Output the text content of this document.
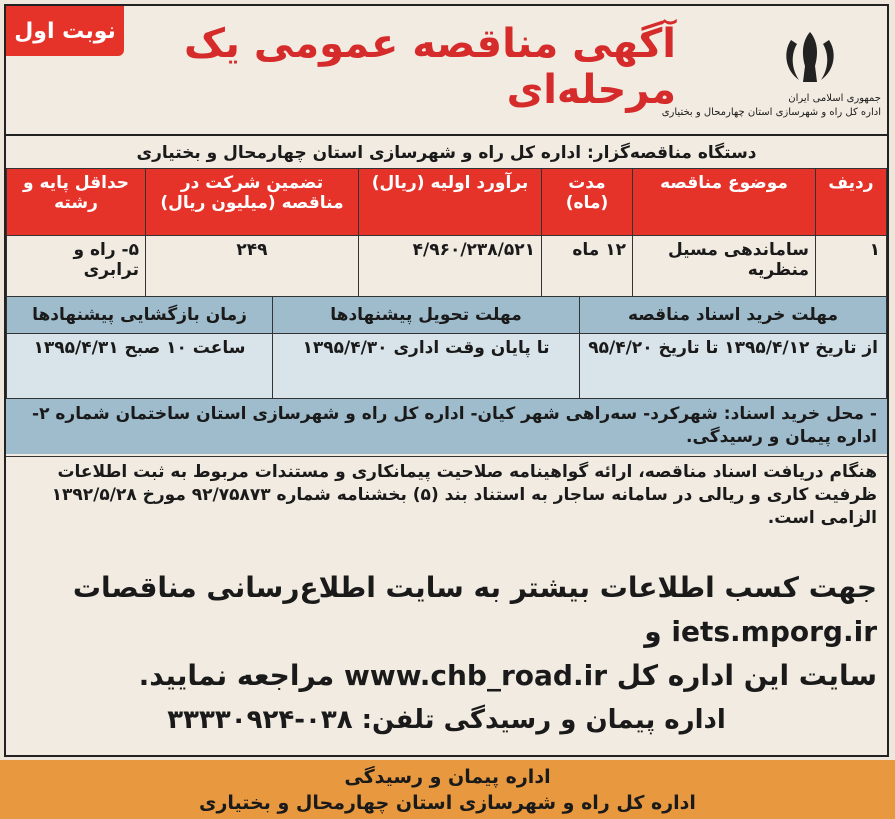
نوبت اول	آگهی مناقصه عمومی یک مرحله‌ای	جمهوری اسلامی ایران
اداره کل راه و شهرسازی استان چهارمحال و بختیاری
دستگاه مناقصه‌گزار: اداره کل راه و شهرسازی استان چهارمحال و بختیاری
ردیف	موضوع مناقصه	مدت (ماه)	برآورد اولیه (ریال)	تضمین شرکت در مناقصه (میلیون ریال)	حداقل پایه و رشته
۱	ساماندهی مسیل منظریه	۱۲ ماه	۴/۹۶۰/۲۳۸/۵۲۱	۲۴۹	۵- راه و ترابری
مهلت خرید اسناد مناقصه	مهلت تحویل پیشنهادها	زمان بازگشایی پیشنهادها
از تاریخ ۱۳۹۵/۴/۱۲ تا تاریخ ۹۵/۴/۲۰	تا پایان وقت اداری ۱۳۹۵/۴/۳۰	ساعت ۱۰ صبح ۱۳۹۵/۴/۳۱
- محل خرید اسناد: شهرکرد- سه‌راهی شهر کیان- اداره کل راه و شهرسازی استان ساختمان شماره ۲- اداره پیمان و رسیدگی.
هنگام دریافت اسناد مناقصه، ارائه گواهینامه صلاحیت پیمانکاری و مستندات مربوط به ثبت اطلاعات ظرفیت کاری و ریالی در سامانه ساجار به استناد بند (۵) بخشنامه شماره ۹۲/۷۵۸۷۳ مورخ ۱۳۹۲/۵/۲۸ الزامی است.
جهت کسب اطلاعات بیشتر به سایت اطلاع‌رسانی مناقصات iets.mporg.ir و
سایت این اداره کل www.chb_road.ir مراجعه نمایید.
اداره پیمان و رسیدگی تلفن: ۰۳۸-۳۳۳۳۰۹۲۴
اداره پیمان و رسیدگی
اداره کل راه و شهرسازی استان چهارمحال و بختیاری
